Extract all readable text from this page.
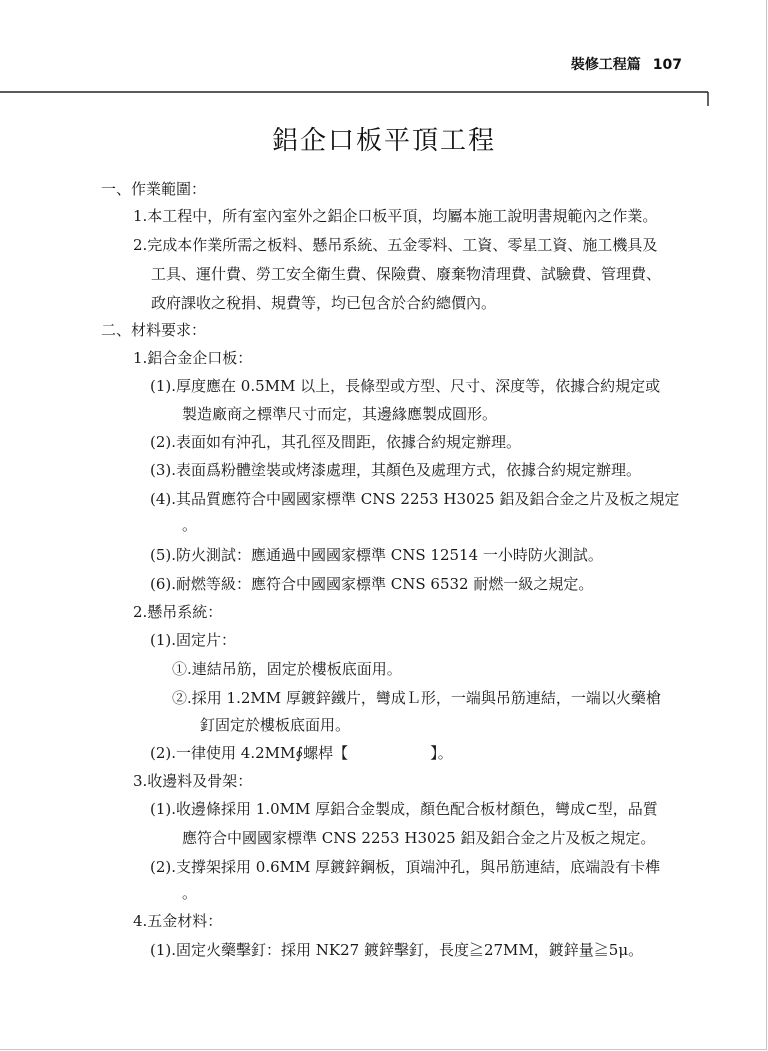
裝修工程篇 107
鋁企口板平頂工程
一、作業範圍：
1.本工程中，所有室內室外之鋁企口板平頂，均屬本施工說明書規範內之作業。
2.完成本作業所需之板料、懸吊系統、五金零料、工資、零星工資、施工機具及
工具、運什費、勞工安全衛生費、保險費、廢棄物清理費、試驗費、管理費、
政府課收之稅捐、規費等，均已包含於合約總價內。
二、材料要求：
1.鋁合金企口板：
(1).厚度應在 0.5MM 以上，長條型或方型、尺寸、深度等，依據合約規定或
製造廠商之標準尺寸而定，其邊緣應製成圓形。
(2).表面如有沖孔，其孔徑及間距，依據合約規定辦理。
(3).表面爲粉體塗裝或烤漆處理，其顏色及處理方式，依據合約規定辦理。
(4).其品質應符合中國國家標準 CNS 2253 H3025 鋁及鋁合金之片及板之規定
。
(5).防火測試：應通過中國國家標準 CNS 12514 一小時防火測試。
(6).耐燃等級：應符合中國國家標準 CNS 6532 耐燃一級之規定。
2.懸吊系統：
(1).固定片：
①.連結吊筋，固定於樓板底面用。
②.採用 1.2MM 厚鍍鋅鐵片，彎成Ｌ形，一端與吊筋連結，一端以火藥槍
釘固定於樓板底面用。
(2).一律使用 4.2MM∮螺桿【	】。
3.收邊料及骨架：
(1).收邊條採用 1.0MM 厚鋁合金製成，顏色配合板材顏色，彎成⊂型，品質
應符合中國國家標準 CNS 2253 H3025 鋁及鋁合金之片及板之規定。
(2).支撐架採用 0.6MM 厚鍍鋅鋼板，頂端沖孔，與吊筋連結，底端設有卡榫
。
4.五金材料：
(1).固定火藥擊釘：採用 NK27 鍍鋅擊釘，長度≧27MM，鍍鋅量≧5μ。
